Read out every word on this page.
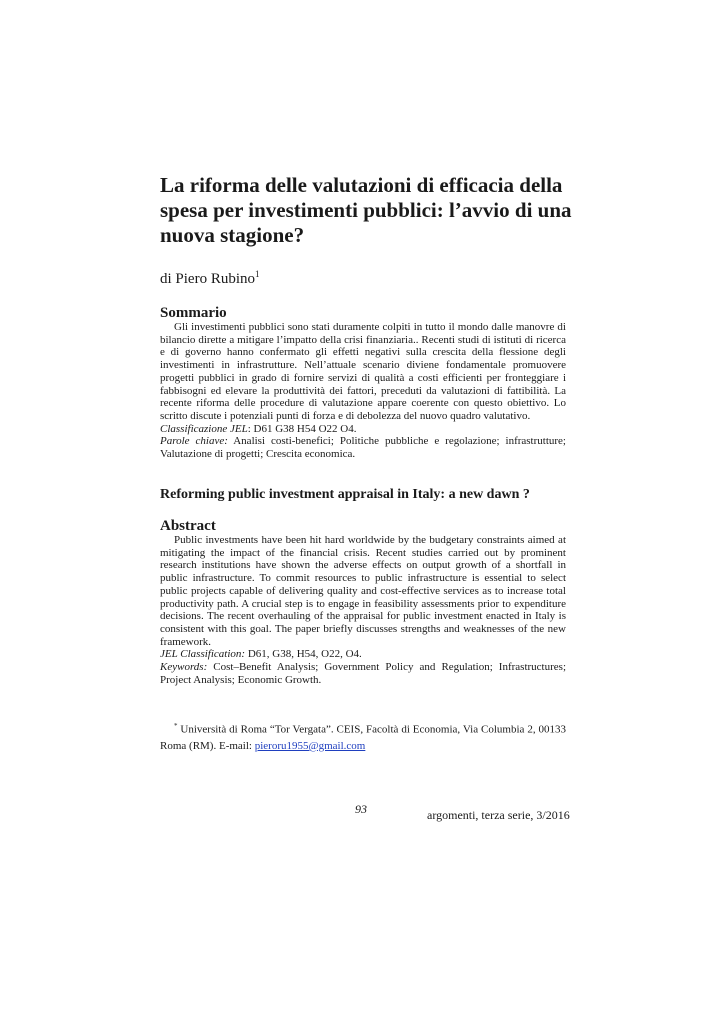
La riforma delle valutazioni di efficacia della spesa per investimenti pubblici: l’avvio di una nuova stagione?
di Piero Rubino$^1$
Sommario

Gli investimenti pubblici sono stati duramente colpiti in tutto il mondo dalle manovre di bilancio dirette a mitigare l’impatto della crisi finanziaria.. Recenti studi di istituti di ricerca e di governo hanno confermato gli effetti negativi sulla crescita della flessione degli investimenti in infrastrutture. Nell’attuale scenario diviene fondamentale promuovere progetti pubblici in grado di fornire servizi di qualità a costi efficienti per fronteggiare i fabbisogni ed elevare la produttività dei fattori, preceduti da valutazioni di fattibilità. La recente riforma delle procedure di valutazione appare coerente con questo obiettivo. Lo scritto discute i potenziali punti di forza e di debolezza del nuovo quadro valutativo.

Classificazione JEL: D61 G38 H54 O22 O4.

Parole chiave: Analisi costi-benefici; Politiche pubbliche e regolazione; infrastrutture; Valutazione di progetti; Crescita economica.

Reforming public investment appraisal in Italy: a new dawn ?
Abstract

Public investments have been hit hard worldwide by the budgetary constraints aimed at mitigating the impact of the financial crisis. Recent studies carried out by prominent research institutions have shown the adverse effects on output growth of a shortfall in public infrastructure. To commit resources to public infrastructure is essential to select public projects capable of delivering quality and cost-effective services as to increase total productivity path. A crucial step is to engage in feasibility assessments prior to expenditure decisions. The recent overhauling of the appraisal for public investment enacted in Italy is consistent with this goal. The paper briefly discusses strengths and weaknesses of the new framework.

JEL Classification: D61, G38, H54, O22, O4.

Keywords: Cost–Benefit Analysis; Government Policy and Regulation; Infrastructures; Project Analysis; Economic Growth.

* Università di Roma “Tor Vergata”. CEIS, Facoltà di Economia, Via Columbia 2, 00133 Roma (RM). E-mail: pieroru1955@gmail.com

93	argomenti, terza serie, 3/2016
